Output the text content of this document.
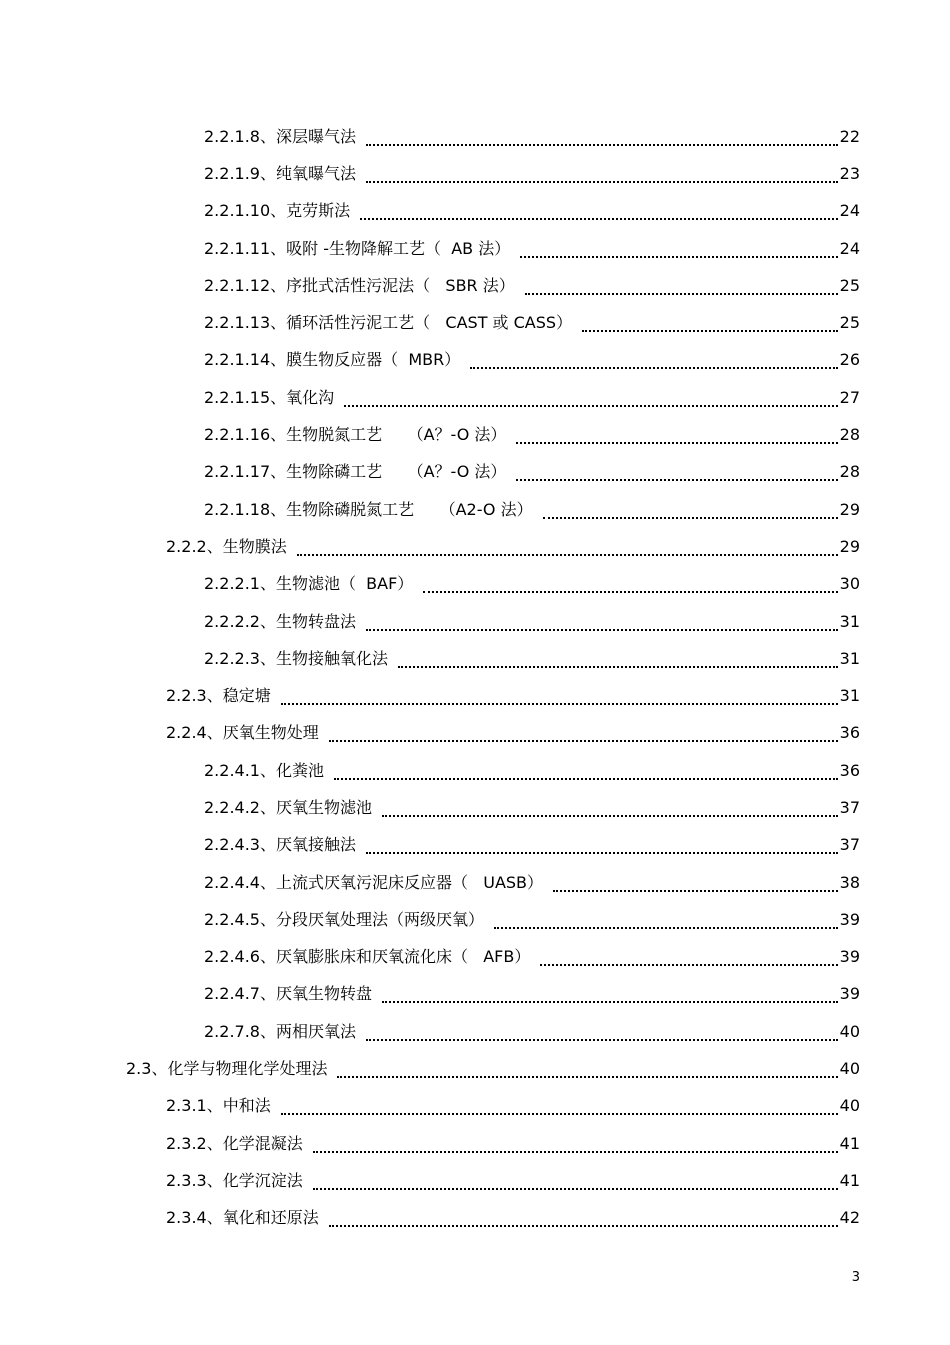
2.2.1.8、深层曝气法	22
2.2.1.9、纯氧曝气法	23
2.2.1.10、克劳斯法	24
2.2.1.11、吸附 -生物降解工艺（  AB 法）	24
2.2.1.12、序批式活性污泥法（   SBR 法）	25
2.2.1.13、循环活性污泥工艺（   CAST 或 CASS）	25
2.2.1.14、膜生物反应器（  MBR）	26
2.2.1.15、氧化沟	27
2.2.1.16、生物脱氮工艺     （A？-O 法）	28
2.2.1.17、生物除磷工艺     （A？-O 法）	28
2.2.1.18、生物除磷脱氮工艺     （A2-O 法）	29
2.2.2、生物膜法	29
2.2.2.1、生物滤池（  BAF）	30
2.2.2.2、生物转盘法	31
2.2.2.3、生物接触氧化法	31
2.2.3、稳定塘	31
2.2.4、厌氧生物处理	36
2.2.4.1、化粪池	36
2.2.4.2、厌氧生物滤池	37
2.2.4.3、厌氧接触法	37
2.2.4.4、上流式厌氧污泥床反应器（   UASB）	38
2.2.4.5、分段厌氧处理法（两级厌氧）	39
2.2.4.6、厌氧膨胀床和厌氧流化床（   AFB）	39
2.2.4.7、厌氧生物转盘	39
2.2.7.8、两相厌氧法	40
2.3、化学与物理化学处理法	40
2.3.1、中和法	40
2.3.2、化学混凝法	41
2.3.3、化学沉淀法	41
2.3.4、氧化和还原法	42
3
